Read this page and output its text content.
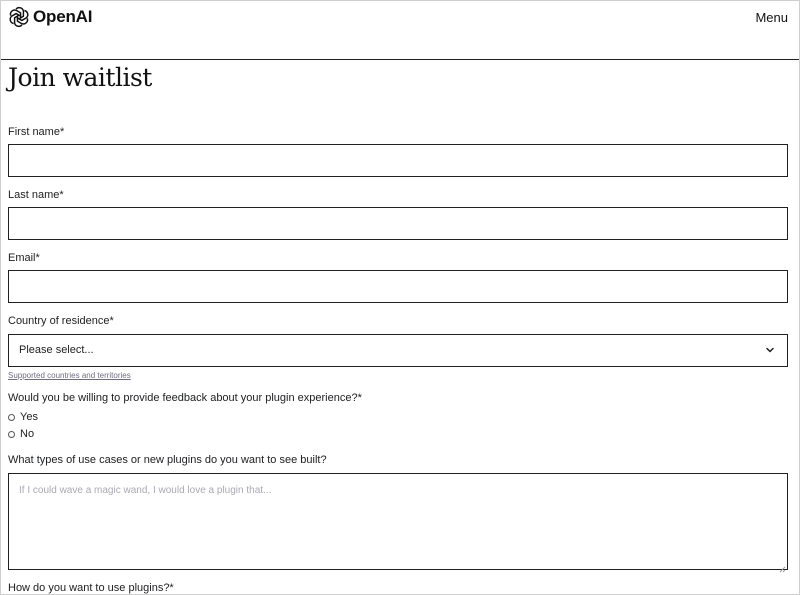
OpenAI	Menu
Join waitlist
First name*
Last name*
Email*
Country of residence*
Please select...
Supported countries and territories
Would you be willing to provide feedback about your plugin experience?*
Yes
No
What types of use cases or new plugins do you want to see built?
If I could wave a magic wand, I would love a plugin that...
How do you want to use plugins?*
